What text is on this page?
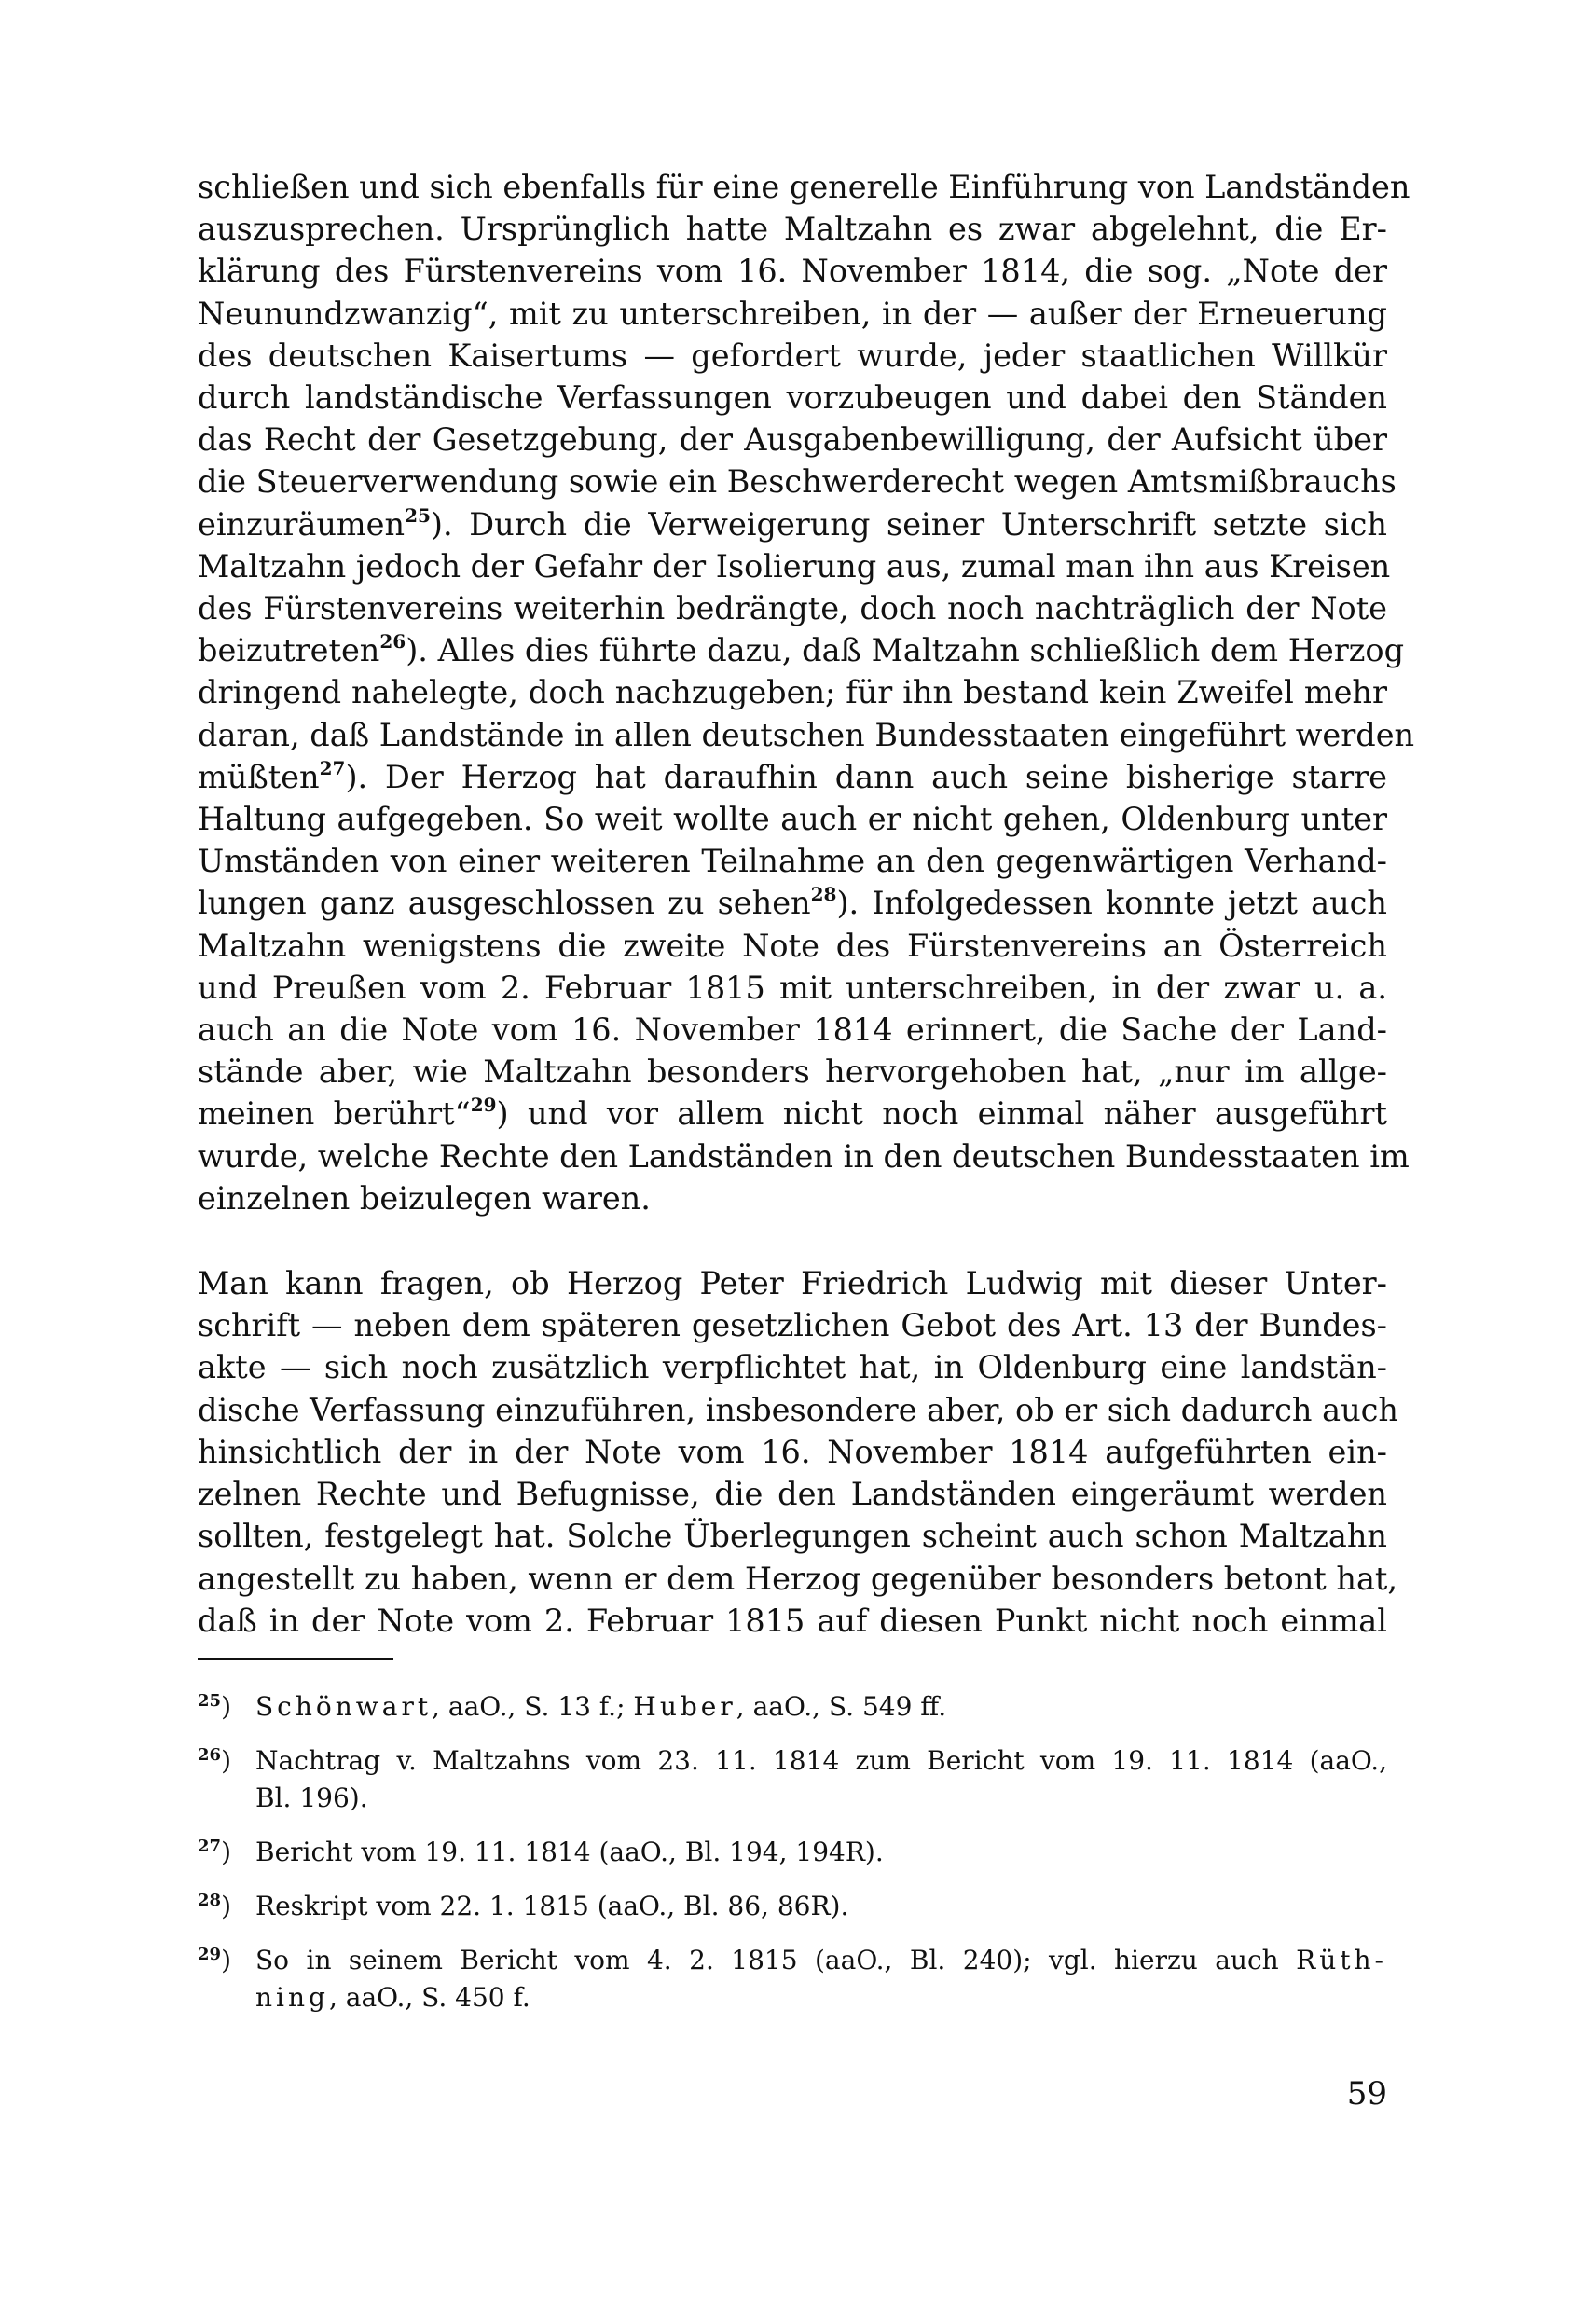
schließen und sich ebenfalls für eine generelle Einführung von Landständen
auszusprechen. Ursprünglich hatte Maltzahn es zwar abgelehnt, die Er-
klärung des Fürstenvereins vom 16. November 1814, die sog. „Note der
Neunundzwanzig“, mit zu unterschreiben, in der — außer der Erneuerung
des deutschen Kaisertums — gefordert wurde, jeder staatlichen Willkür
durch landständische Verfassungen vorzubeugen und dabei den Ständen
das Recht der Gesetzgebung, der Ausgabenbewilligung, der Aufsicht über
die Steuerverwendung sowie ein Beschwerderecht wegen Amtsmißbrauchs
einzuräumen$^{25}$). Durch die Verweigerung seiner Unterschrift setzte sich
Maltzahn jedoch der Gefahr der Isolierung aus, zumal man ihn aus Kreisen
des Fürstenvereins weiterhin bedrängte, doch noch nachträglich der Note
beizutreten$^{26}$). Alles dies führte dazu, daß Maltzahn schließlich dem Herzog
dringend nahelegte, doch nachzugeben; für ihn bestand kein Zweifel mehr
daran, daß Landstände in allen deutschen Bundesstaaten eingeführt werden
müßten$^{27}$). Der Herzog hat daraufhin dann auch seine bisherige starre
Haltung aufgegeben. So weit wollte auch er nicht gehen, Oldenburg unter
Umständen von einer weiteren Teilnahme an den gegenwärtigen Verhand-
lungen ganz ausgeschlossen zu sehen$^{28}$). Infolgedessen konnte jetzt auch
Maltzahn wenigstens die zweite Note des Fürstenvereins an Österreich
und Preußen vom 2. Februar 1815 mit unterschreiben, in der zwar u. a.
auch an die Note vom 16. November 1814 erinnert, die Sache der Land-
stände aber, wie Maltzahn besonders hervorgehoben hat, „nur im allge-
meinen berührt“$^{29}$) und vor allem nicht noch einmal näher ausgeführt
wurde, welche Rechte den Landständen in den deutschen Bundesstaaten im
einzelnen beizulegen waren.

Man kann fragen, ob Herzog Peter Friedrich Ludwig mit dieser Unter-
schrift — neben dem späteren gesetzlichen Gebot des Art. 13 der Bundes-
akte — sich noch zusätzlich verpflichtet hat, in Oldenburg eine landstän-
dische Verfassung einzuführen, insbesondere aber, ob er sich dadurch auch
hinsichtlich der in der Note vom 16. November 1814 aufgeführten ein-
zelnen Rechte und Befugnisse, die den Landständen eingeräumt werden
sollten, festgelegt hat. Solche Überlegungen scheint auch schon Maltzahn
angestellt zu haben, wenn er dem Herzog gegenüber besonders betont hat,
daß in der Note vom 2. Februar 1815 auf diesen Punkt nicht noch einmal

$^{25}$) Schönwart, aaO., S. 13 f.; Huber, aaO., S. 549 ff.
$^{26}$) Nachtrag v. Maltzahns vom 23. 11. 1814 zum Bericht vom 19. 11. 1814 (aaO.,
Bl. 196).
$^{27}$) Bericht vom 19. 11. 1814 (aaO., Bl. 194, 194R).
$^{28}$) Reskript vom 22. 1. 1815 (aaO., Bl. 86, 86R).
$^{29}$) So in seinem Bericht vom 4. 2. 1815 (aaO., Bl. 240); vgl. hierzu auch Rüth-
ning, aaO., S. 450 f.
59
